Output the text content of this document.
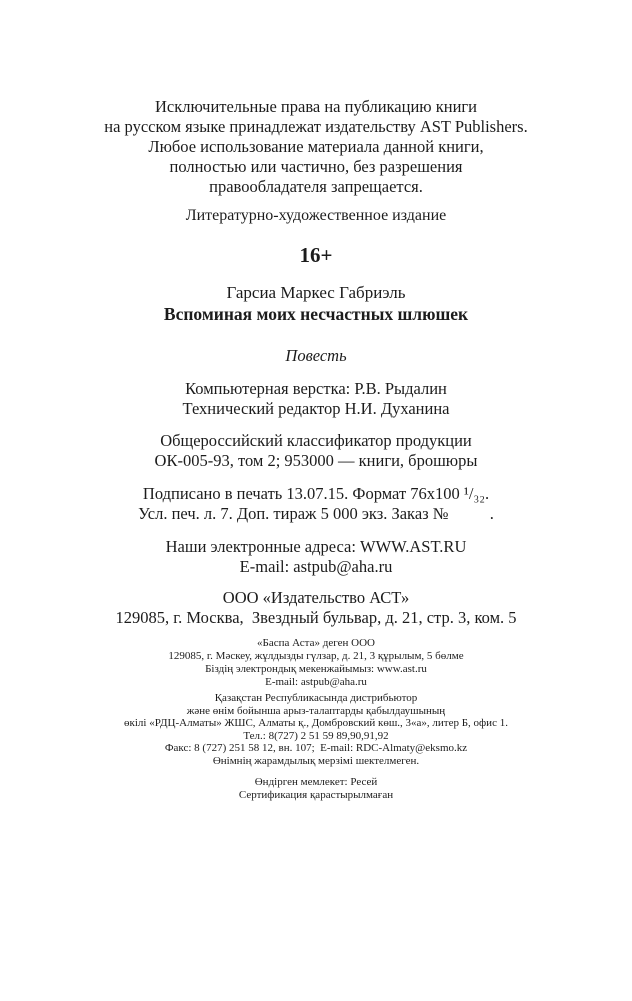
Исключительные права на публикацию книги
на русском языке принадлежат издательству AST Publishers.
Любое использование материала данной книги,
полностью или частично, без разрешения
правообладателя запрещается.
Литературно-художественное издание
16+
Гарсиа Маркес Габриэль
Вспоминая моих несчастных шлюшек
Повесть
Компьютерная верстка: Р.В. Рыдалин
Технический редактор Н.И. Духанина
Общероссийский классификатор продукции
ОК-005-93, том 2; 953000 — книги, брошюры
Подписано в печать 13.07.15. Формат 76x100 ¹/₃₂.
Усл. печ. л. 7. Доп. тираж 5 000 экз. Заказ №          .
Наши электронные адреса: WWW.AST.RU
E-mail: astpub@aha.ru
ООО «Издательство АСТ»
129085, г. Москва,  Звездный бульвар, д. 21, стр. 3, ком. 5
«Баспа Аста» деген ООО
129085, г. Мәскеу, жұлдызды гүлзар, д. 21, 3 құрылым, 5 бөлме
Біздің электрондық мекенжайымыз: www.ast.ru
E-mail: astpub@aha.ru
Қазақстан Республикасында дистрибьютор
және өнім бойынша арыз-талаптарды қабылдаушының
өкілі «РДЦ-Алматы» ЖШС, Алматы қ., Домбровский көш., 3«а», литер Б, офис 1.
Тел.: 8(727) 2 51 59 89,90,91,92
Факс: 8 (727) 251 58 12, вн. 107;  E-mail: RDC-Almaty@eksmo.kz
Өнімнің жарамдылық мерзімі шектелмеген.
Өндірген мемлекет: Ресей
Сертификация қарастырылмаған
